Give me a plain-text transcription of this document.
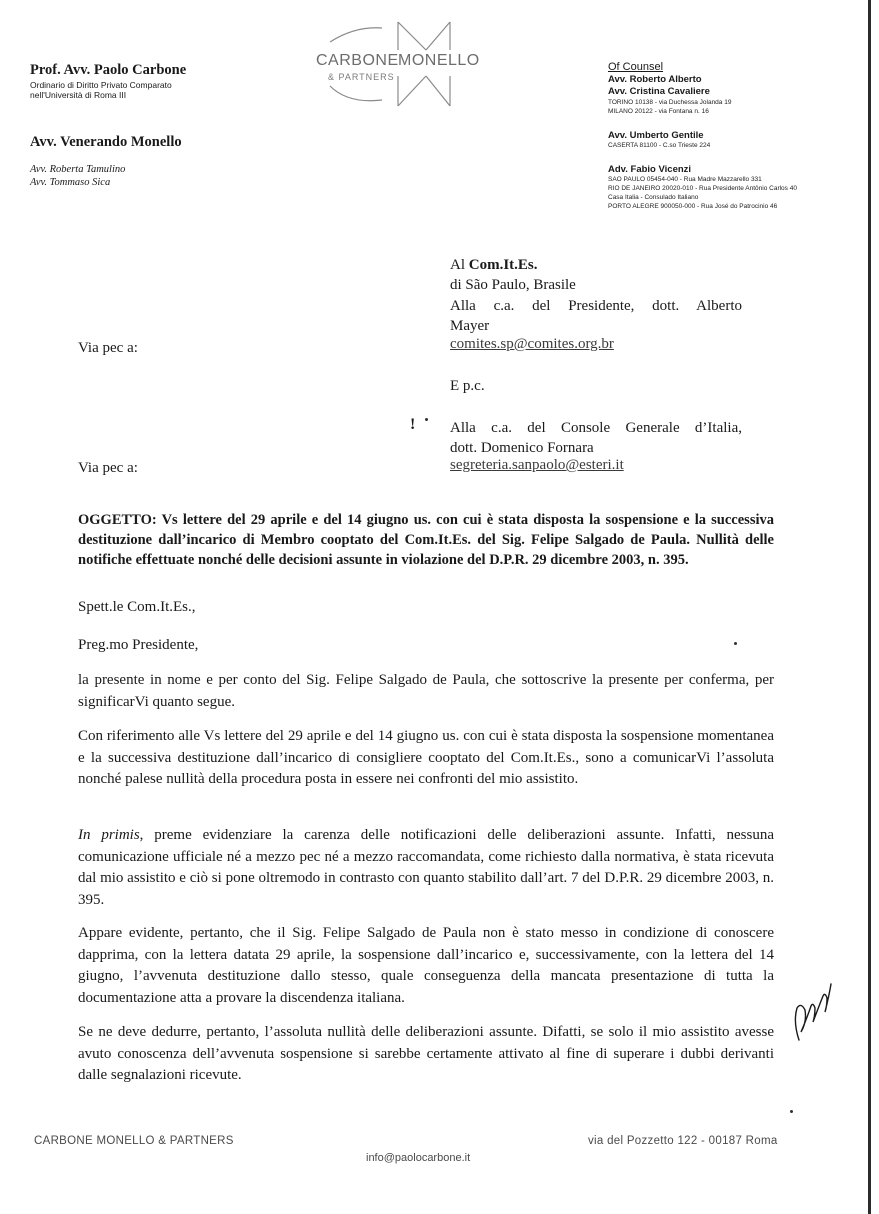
Prof. Avv. Paolo Carbone
Ordinario di Diritto Privato Comparato
nell'Università di Roma III
Avv. Venerando Monello
Avv. Roberta Tamulino
Avv. Tommaso Sica
CARBONE MONELLO
& PARTNERS
Of Counsel
Avv. Roberto Alberto
Avv. Cristina Cavaliere
TORINO 10138 - via Duchessa Jolanda 19
MILANO 20122 - via Fontana n. 16
Avv. Umberto Gentile
CASERTA 81100 - C.so Trieste 224
Adv. Fabio Vicenzi
SAO PAULO 05454-040 - Rua Madre Mazzarello 331
RIO DE JANEIRO 20020-010 - Rua Presidente Antônio Carlos 40
Casa Italia - Consulado Italiano
PORTO ALEGRE 900050-000 - Rua José do Patrocinio 46
Al Com.It.Es.
di São Paulo, Brasile
Alla c.a. del Presidente, dott. Alberto
Mayer
Via pec a:	comites.sp@comites.org.br
E p.c.
Alla c.a. del Console Generale d’Italia,
dott. Domenico Fornara
Via pec a:	segreteria.sanpaolo@esteri.it
!
OGGETTO: Vs lettere del 29 aprile e del 14 giugno us. con cui è stata disposta la sospensione e la successiva destituzione dall’incarico di Membro cooptato del Com.It.Es. del Sig. Felipe Salgado de Paula. Nullità delle notifiche effettuate nonché delle decisioni assunte in violazione del D.P.R. 29 dicembre 2003, n. 395.
Spett.le Com.It.Es.,
Preg.mo Presidente,
la presente in nome e per conto del Sig. Felipe Salgado de Paula, che sottoscrive la presente per conferma, per significarVi quanto segue.
Con riferimento alle Vs lettere del 29 aprile e del 14 giugno us. con cui è stata disposta la sospensione momentanea e la successiva destituzione dall’incarico di consigliere cooptato del Com.It.Es., sono a comunicarVi l’assoluta nonché palese nullità della procedura posta in essere nei confronti del mio assistito.
In primis, preme evidenziare la carenza delle notificazioni delle deliberazioni assunte. Infatti, nessuna comunicazione ufficiale né a mezzo pec né a mezzo raccomandata, come richiesto dalla normativa, è stata ricevuta dal mio assistito e ciò si pone oltremodo in contrasto con quanto stabilito dall’art. 7 del D.P.R. 29 dicembre 2003, n. 395.
Appare evidente, pertanto, che il Sig. Felipe Salgado de Paula non è stato messo in condizione di conoscere dapprima, con la lettera datata 29 aprile, la sospensione dall’incarico e, successivamente, con la lettera del 14 giugno, l’avvenuta destituzione dallo stesso, quale conseguenza della mancata presentazione di tutta la documentazione atta a provare la discendenza italiana.
Se ne deve dedurre, pertanto, l’assoluta nullità delle deliberazioni assunte. Difatti, se solo il mio assistito avesse avuto conoscenza dell’avvenuta sospensione si sarebbe certamente attivato al fine di superare i dubbi derivanti dalle segnalazioni ricevute.
CARBONE MONELLO & PARTNERS	via del Pozzetto 122 - 00187 Roma
info@paolocarbone.it
